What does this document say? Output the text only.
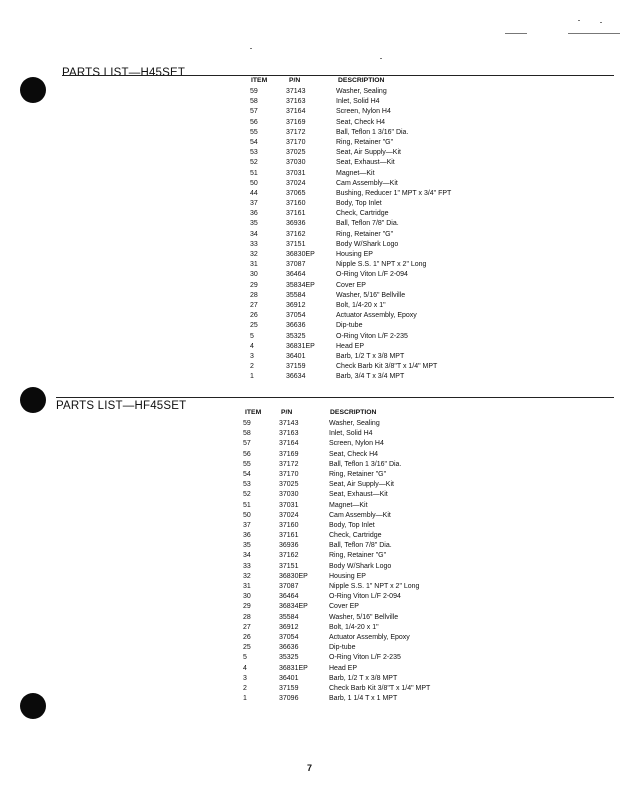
PARTS LIST—H45SET
ITEM	P/N	DESCRIPTION
59	37143	Washer, Sealing
58	37163	Inlet, Solid H4
57	37164	Screen, Nylon H4
56	37169	Seat, Check H4
55	37172	Ball, Teflon 1 3/16" Dia.
54	37170	Ring, Retainer "G"
53	37025	Seat, Air Supply—Kit
52	37030	Seat, Exhaust—Kit
51	37031	Magnet—Kit
50	37024	Cam Assembly—Kit
44	37065	Bushing, Reducer 1" MPT x 3/4" FPT
37	37160	Body, Top Inlet
36	37161	Check, Cartridge
35	36936	Ball, Teflon 7/8" Dia.
34	37162	Ring, Retainer "G"
33	37151	Body W/Shark Logo
32	36830EP	Housing EP
31	37087	Nipple S.S. 1" NPT x 2" Long
30	36464	O-Ring Viton L/F 2-094
29	35834EP	Cover EP
28	35584	Washer, 5/16" Bellville
27	36912	Bolt, 1/4-20 x 1"
26	37054	Actuator Assembly, Epoxy
25	36636	Dip-tube
5	35325	O-Ring Viton L/F 2-235
4	36831EP	Head EP
3	36401	Barb, 1/2 T x 3/8 MPT
2	37159	Check Barb Kit 3/8"T x 1/4" MPT
1	36634	Barb, 3/4 T x 3/4 MPT
PARTS LIST—HF45SET
ITEM	P/N	DESCRIPTION
59	37143	Washer, Sealing
58	37163	Inlet, Solid H4
57	37164	Screen, Nylon H4
56	37169	Seat, Check H4
55	37172	Ball, Teflon 1 3/16" Dia.
54	37170	Ring, Retainer "G"
53	37025	Seat, Air Supply—Kit
52	37030	Seat, Exhaust—Kit
51	37031	Magnet—Kit
50	37024	Cam Assembly—Kit
37	37160	Body, Top Inlet
36	37161	Check, Cartridge
35	36936	Ball, Teflon 7/8" Dia.
34	37162	Ring, Retainer "G"
33	37151	Body W/Shark Logo
32	36830EP	Housing EP
31	37087	Nipple S.S. 1" NPT x 2" Long
30	36464	O-Ring Viton L/F 2-094
29	36834EP	Cover EP
28	35584	Washer, 5/16" Bellville
27	36912	Bolt, 1/4-20 x 1"
26	37054	Actuator Assembly, Epoxy
25	36636	Dip-tube
5	35325	O-Ring Viton L/F 2-235
4	36831EP	Head EP
3	36401	Barb, 1/2 T x 3/8 MPT
2	37159	Check Barb Kit 3/8"T x 1/4" MPT
1	37096	Barb, 1 1/4 T x 1 MPT
7
